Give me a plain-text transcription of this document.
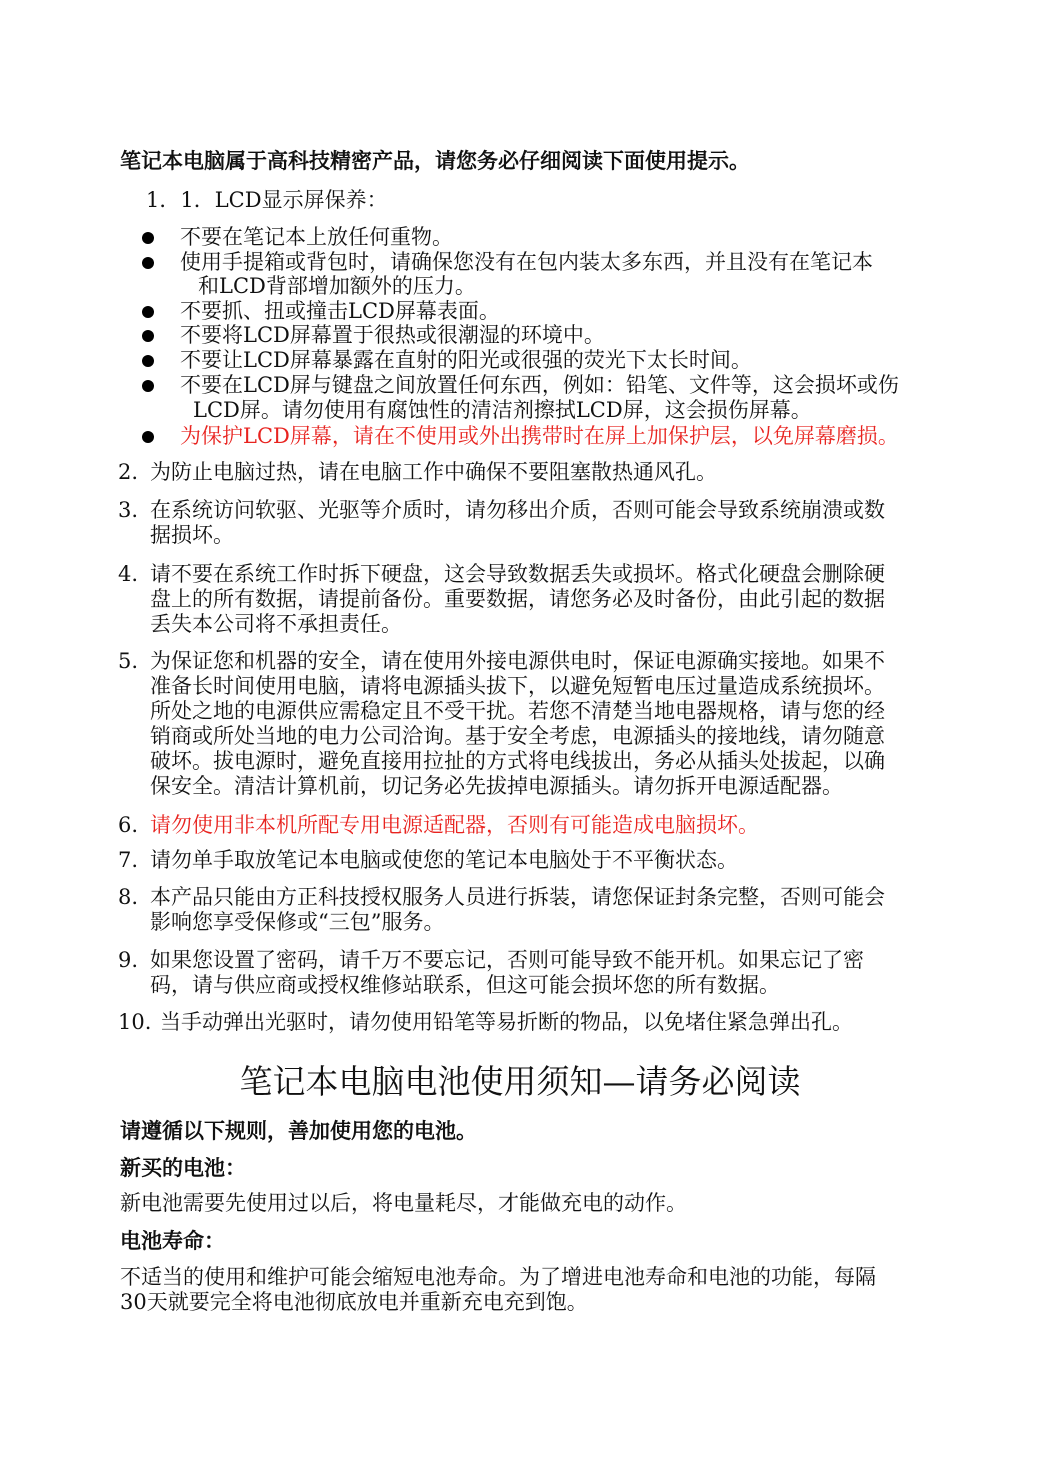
笔记本电脑属于高科技精密产品，请您务必仔细阅读下面使用提示。
1．1．LCD显示屏保养：
不要在笔记本上放任何重物。
使用手提箱或背包时，请确保您没有在包内装太多东西，并且没有在笔记本
和LCD背部增加额外的压力。
不要抓、扭或撞击LCD屏幕表面。
不要将LCD屏幕置于很热或很潮湿的环境中。
不要让LCD屏幕暴露在直射的阳光或很强的荧光下太长时间。
不要在LCD屏与键盘之间放置任何东西，例如：铅笔、文件等，这会损坏或伤
LCD屏。请勿使用有腐蚀性的清洁剂擦拭LCD屏，这会损伤屏幕。
为保护LCD屏幕，请在不使用或外出携带时在屏上加保护层，以免屏幕磨损。
2. 为防止电脑过热，请在电脑工作中确保不要阻塞散热通风孔。
3. 在系统访问软驱、光驱等介质时，请勿移出介质，否则可能会导致系统崩溃或数
据损坏。
4. 请不要在系统工作时拆下硬盘，这会导致数据丢失或损坏。格式化硬盘会删除硬
盘上的所有数据，请提前备份。重要数据，请您务必及时备份，由此引起的数据
丢失本公司将不承担责任。
5. 为保证您和机器的安全，请在使用外接电源供电时，保证电源确实接地。如果不
准备长时间使用电脑，请将电源插头拔下，以避免短暂电压过量造成系统损坏。
所处之地的电源供应需稳定且不受干扰。若您不清楚当地电器规格，请与您的经
销商或所处当地的电力公司洽询。基于安全考虑，电源插头的接地线，请勿随意
破坏。拔电源时，避免直接用拉扯的方式将电线拔出，务必从插头处拔起，以确
保安全。清洁计算机前，切记务必先拔掉电源插头。请勿拆开电源适配器。
6. 请勿使用非本机所配专用电源适配器，否则有可能造成电脑损坏。
7. 请勿单手取放笔记本电脑或使您的笔记本电脑处于不平衡状态。
8. 本产品只能由方正科技授权服务人员进行拆装，请您保证封条完整，否则可能会
影响您享受保修或“三包”服务。
9. 如果您设置了密码，请千万不要忘记，否则可能导致不能开机。如果忘记了密
码，请与供应商或授权维修站联系，但这可能会损坏您的所有数据。
10. 当手动弹出光驱时，请勿使用铅笔等易折断的物品，以免堵住紧急弹出孔。
笔记本电脑电池使用须知—请务必阅读
请遵循以下规则，善加使用您的电池。
新买的电池：
新电池需要先使用过以后，将电量耗尽，才能做充电的动作。
电池寿命：
不适当的使用和维护可能会缩短电池寿命。为了增进电池寿命和电池的功能，每隔
30天就要完全将电池彻底放电并重新充电充到饱。
